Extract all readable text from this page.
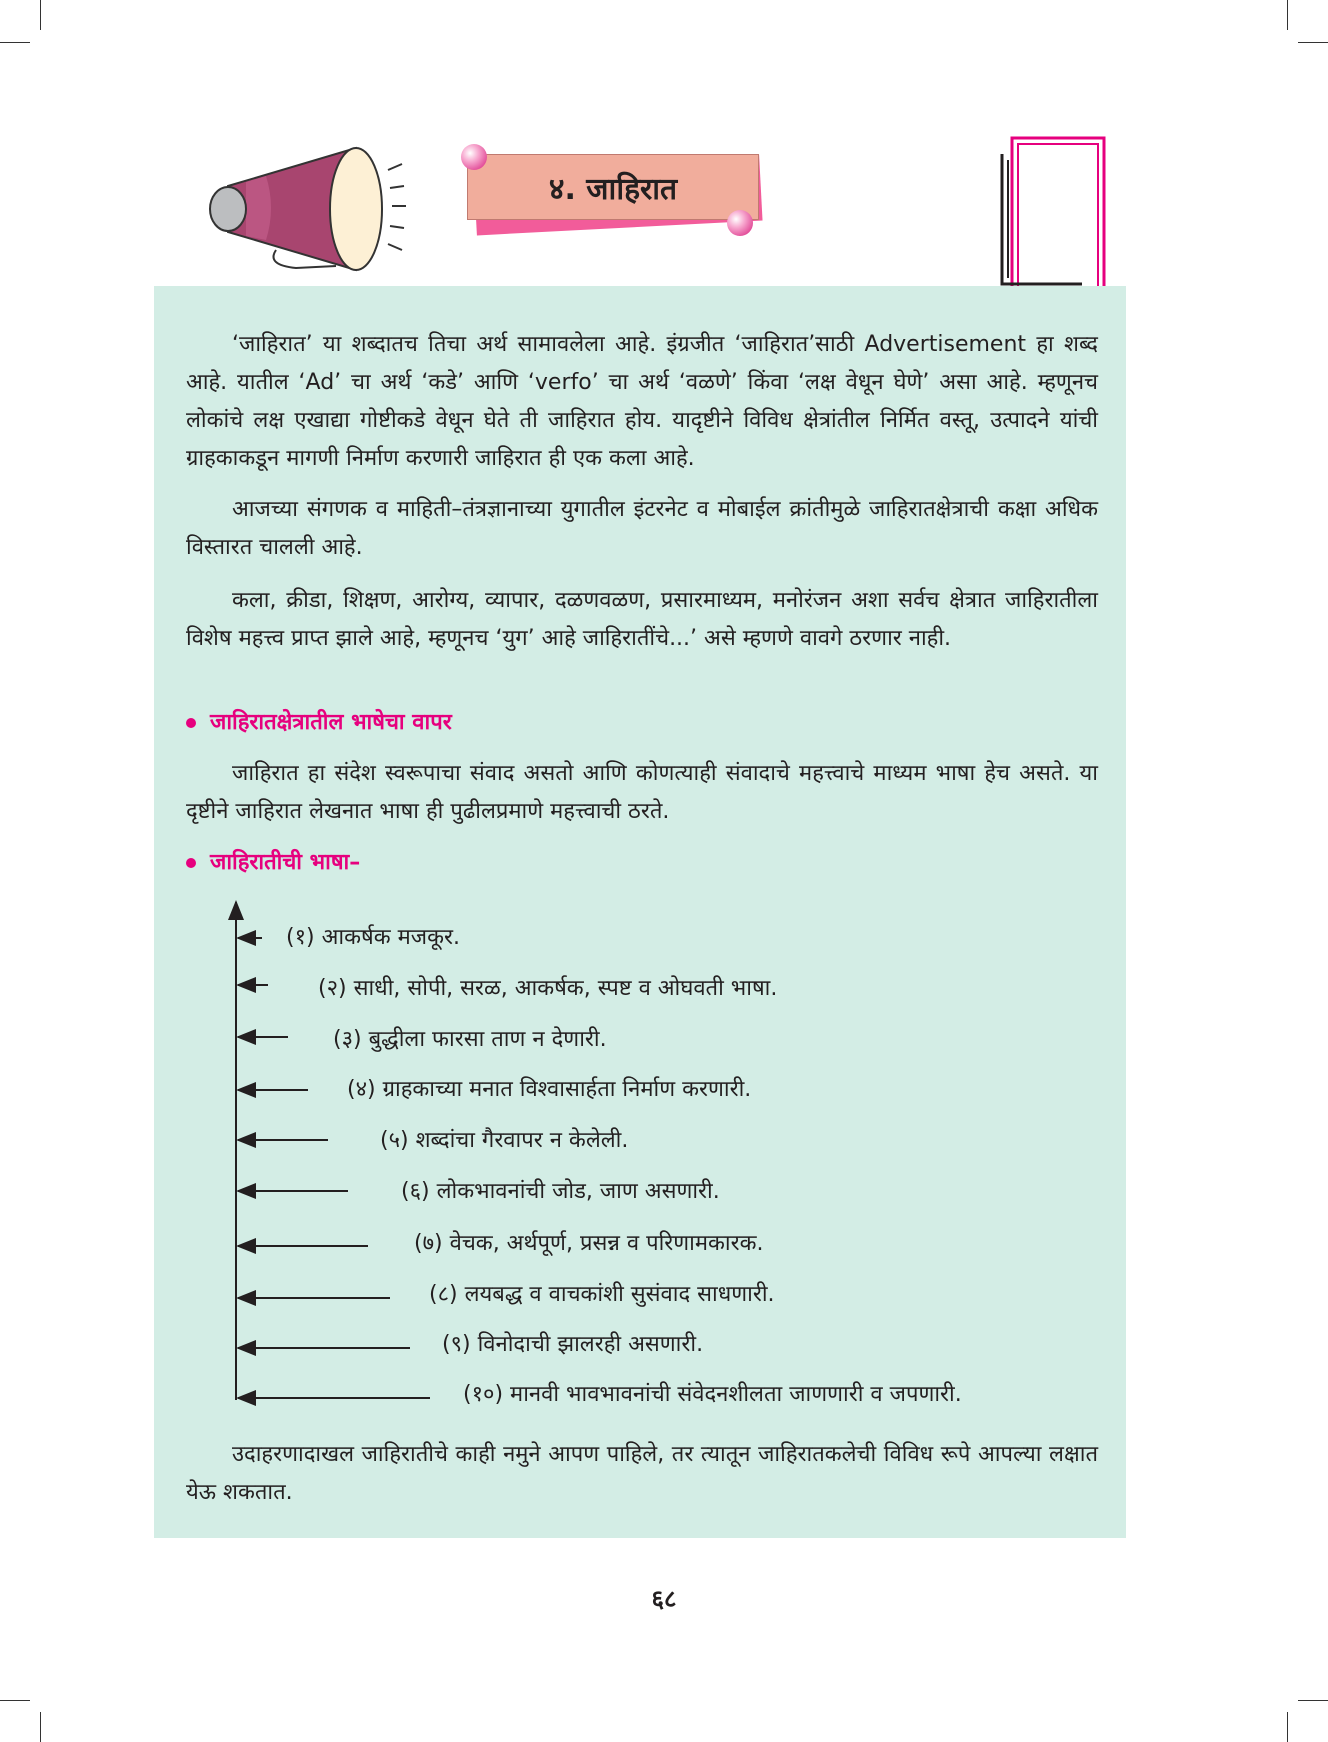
४. जाहिरात

‘जाहिरात’ या शब्दातच तिचा अर्थ सामावलेला आहे. इंग्रजीत ‘जाहिरात’साठी Advertisement हा शब्द आहे. यातील ‘Ad’ चा अर्थ ‘कडे’ आणि ‘verfo’ चा अर्थ ‘वळणे’ किंवा ‘लक्ष वेधून घेणे’ असा आहे. म्हणूनच लोकांचे लक्ष एखाद्या गोष्टीकडे वेधून घेते ती जाहिरात होय. यादृष्टीने विविध क्षेत्रांतील निर्मित वस्तू, उत्पादने यांची ग्राहकाकडून मागणी निर्माण करणारी जाहिरात ही एक कला आहे.

आजच्या संगणक व माहिती–तंत्रज्ञानाच्या युगातील इंटरनेट व मोबाईल क्रांतीमुळे जाहिरातक्षेत्राची कक्षा अधिक विस्तारत चालली आहे.

कला, क्रीडा, शिक्षण, आरोग्य, व्यापार, दळणवळण, प्रसारमाध्यम, मनोरंजन अशा सर्वच क्षेत्रात जाहिरातीला विशेष महत्त्व प्राप्त झाले आहे, म्हणूनच ‘युग’ आहे जाहिरातींचे...’ असे म्हणणे वावगे ठरणार नाही.

जाहिरातक्षेत्रातील भाषेचा वापर

जाहिरात हा संदेश स्वरूपाचा संवाद असतो आणि कोणत्याही संवादाचे महत्त्वाचे माध्यम भाषा हेच असते. या दृष्टीने जाहिरात लेखनात भाषा ही पुढीलप्रमाणे महत्त्वाची ठरते.

जाहिरातीची भाषा–

(१) आकर्षक मजकूर.

(२) साधी, सोपी, सरळ, आकर्षक, स्पष्ट व ओघवती भाषा.

(३) बुद्धीला फारसा ताण न देणारी.

(४) ग्राहकाच्या मनात विश्वासार्हता निर्माण करणारी.

(५) शब्दांचा गैरवापर न केलेली.

(६) लोकभावनांची जोड, जाण असणारी.

(७) वेचक, अर्थपूर्ण, प्रसन्न व परिणामकारक.

(८) लयबद्ध व वाचकांशी सुसंवाद साधणारी.

(९) विनोदाची झालरही असणारी.

(१०) मानवी भावभावनांची संवेदनशीलता जाणणारी व जपणारी.

उदाहरणादाखल जाहिरातीचे काही नमुने आपण पाहिले, तर त्यातून जाहिरातकलेची विविध रूपे आपल्या लक्षात येऊ शकतात.

६८
